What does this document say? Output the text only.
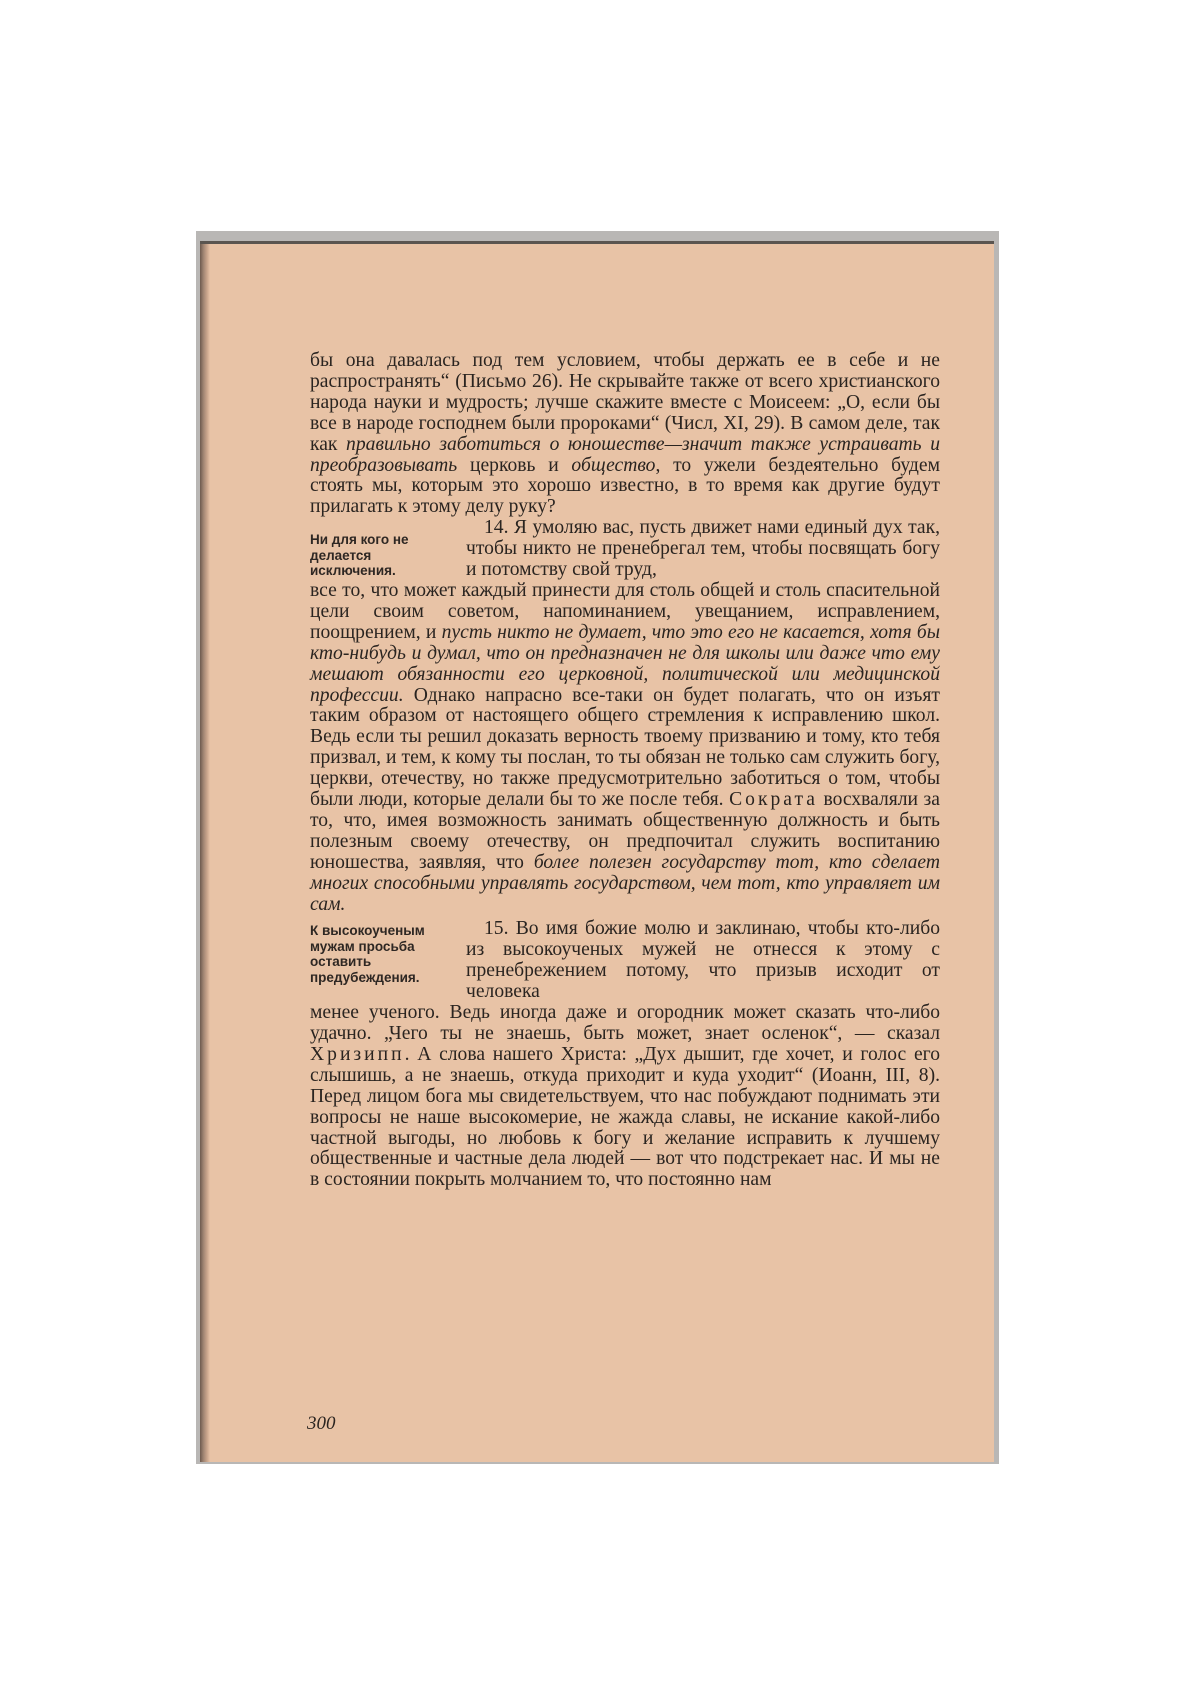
бы она давалась под тем условием, чтобы держать ее в себе и не распространять“ (Письмо 26). Не скрывайте также от всего христианского народа науки и мудрость; лучше скажите вместе с Моисеем: „О, если бы все в народе господнем были пророками“ (Числ, XI, 29). В самом деле, так как правильно заботиться о юношестве—значит также устраивать и преобразовывать церковь и общество, то ужели бездеятельно будем стоять мы, которым это хорошо известно, в то время как другие будут прилагать к этому делу руку?

Ни для кого не делается исключения.
14. Я умоляю вас, пусть движет нами единый дух так, чтобы никто не пренебрегал тем, чтобы посвящать богу и потомству свой труд,

все то, что может каждый принести для столь общей и столь спасительной цели своим советом, напоминанием, увещанием, исправлением, поощрением, и пусть никто не думает, что это его не касается, хотя бы кто-нибудь и думал, что он предназначен не для школы или даже что ему мешают обязанности его церковной, политической или медицинской профессии. Однако напрасно все-таки он будет полагать, что он изъят таким образом от настоящего общего стремления к исправлению школ. Ведь если ты решил доказать верность твоему призванию и тому, кто тебя призвал, и тем, к кому ты послан, то ты обязан не только сам служить богу, церкви, отечеству, но также предусмотрительно заботиться о том, чтобы были люди, которые делали бы то же после тебя. Сократа восхваляли за то, что, имея возможность занимать общественную должность и быть полезным своему отечеству, он предпочитал служить воспитанию юношества, заявляя, что более полезен государству тот, кто сделает многих способными управлять государством, чем тот, кто управляет им сам.

К высокоученым мужам просьба оставить предубеждения.
15. Во имя божие молю и заклинаю, чтобы кто-либо из высокоученых мужей не отнесся к этому с пренебрежением потому, что призыв исходит от человека

менее ученого. Ведь иногда даже и огородник может сказать что-либо удачно. „Чего ты не знаешь, быть может, знает осленок“, — сказал Хризипп. А слова нашего Христа: „Дух дышит, где хочет, и голос его слышишь, а не знаешь, откуда приходит и куда уходит“ (Иоанн, III, 8). Перед лицом бога мы свидетельствуем, что нас побуждают поднимать эти вопросы не наше высокомерие, не жажда славы, не искание какой-либо частной выгоды, но любовь к богу и желание исправить к лучшему общественные и частные дела людей — вот что подстрекает нас. И мы не в состоянии покрыть молчанием то, что постоянно нам

300
